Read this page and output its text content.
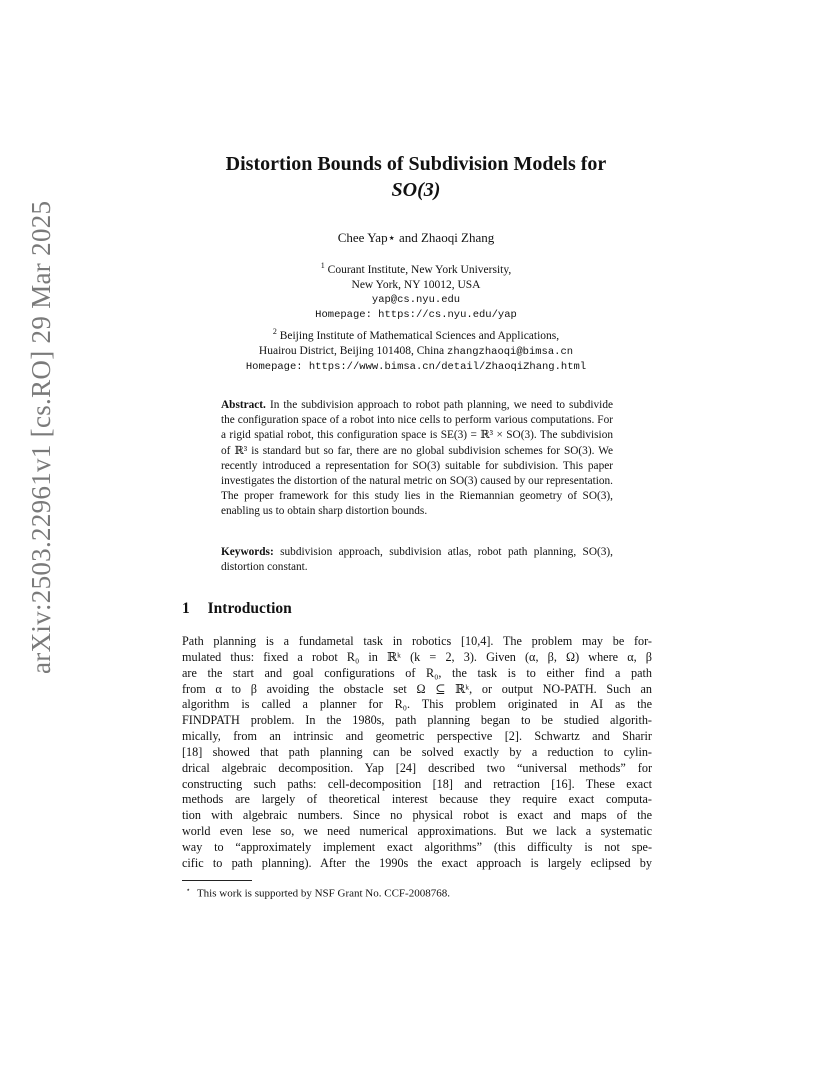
arXiv:2503.22961v1 [cs.RO] 29 Mar 2025
Distortion Bounds of Subdivision Models for
SO(3)
Chee Yap⋆ and Zhaoqi Zhang
$^1$ Courant Institute, New York University,
New York, NY 10012, USA
yap@cs.nyu.edu
Homepage: https://cs.nyu.edu/yap
$^2$ Beijing Institute of Mathematical Sciences and Applications,
Huairou District, Beijing 101408, China zhangzhaoqi@bimsa.cn
Homepage: https://www.bimsa.cn/detail/ZhaoqiZhang.html
Abstract. In the subdivision approach to robot path planning, we need to subdivide the configuration space of a robot into nice cells to perform various computations. For a rigid spatial robot, this configuration space is SE(3) = ℝ³ × SO(3). The subdivision of ℝ³ is standard but so far, there are no global subdivision schemes for SO(3). We recently introduced a representation for SO(3) suitable for subdivision. This paper investigates the distortion of the natural metric on SO(3) caused by our representation. The proper framework for this study lies in the Riemannian geometry of SO(3), enabling us to obtain sharp distortion bounds.
Keywords: subdivision approach, subdivision atlas, robot path planning, SO(3), distortion constant.
1 Introduction
Path planning is a fundametal task in robotics [10,4]. The problem may be for-
mulated thus: fixed a robot R₀ in ℝᵏ (k = 2, 3). Given (α, β, Ω) where α, β
are the start and goal configurations of R₀, the task is to either find a path
from α to β avoiding the obstacle set Ω ⊆ ℝᵏ, or output NO-PATH. Such an
algorithm is called a planner for R₀. This problem originated in AI as the
FINDPATH problem. In the 1980s, path planning began to be studied algorith-
mically, from an intrinsic and geometric perspective [2]. Schwartz and Sharir
[18] showed that path planning can be solved exactly by a reduction to cylin-
drical algebraic decomposition. Yap [24] described two “universal methods” for
constructing such paths: cell-decomposition [18] and retraction [16]. These exact
methods are largely of theoretical interest because they require exact computa-
tion with algebraic numbers. Since no physical robot is exact and maps of the
world even lese so, we need numerical approximations. But we lack a systematic
way to “approximately implement exact algorithms” (this difficulty is not spe-
cific to path planning). After the 1990s the exact approach is largely eclipsed by
⋆ This work is supported by NSF Grant No. CCF-2008768.
